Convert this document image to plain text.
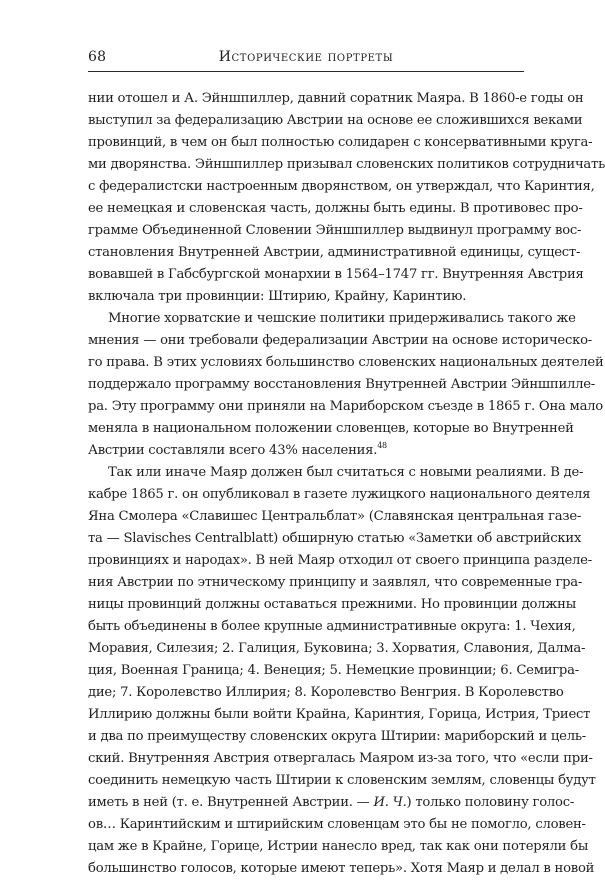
68	Исторические портреты
нии отошел и А. Эйншпиллер, давний соратник Маяра. В 1860-е годы он
выступил за федерализацию Австрии на основе ее сложившихся веками
провинций, в чем он был полностью солидарен с консервативными круга-
ми дворянства. Эйншпиллер призывал словенских политиков сотрудничать
с федералистски настроенным дворянством, он утверждал, что Каринтия,
ее немецкая и словенская часть, должны быть едины. В противовес про-
грамме Объединенной Словении Эйншпиллер выдвинул программу вос-
становления Внутренней Австрии, административной единицы, сущест-
вовавшей в Габсбургской монархии в 1564–1747 гг. Внутренняя Австрия
включала три провинции: Штирию, Крайну, Каринтию.
Многие хорватские и чешские политики придерживались такого же
мнения — они требовали федерализации Австрии на основе историческо-
го права. В этих условиях большинство словенских национальных деятелей
поддержало программу восстановления Внутренней Австрии Эйншпилле-
ра. Эту программу они приняли на Мариборском съезде в 1865 г. Она мало
меняла в национальном положении словенцев, которые во Внутренней
Австрии составляли всего 43% населения.$^{48}$
Так или иначе Маяр должен был считаться с новыми реалиями. В де-
кабре 1865 г. он опубликовал в газете лужицкого национального деятеля
Яна Смолера «Славишес Центральблат» (Славянская центральная газе-
та — Slavisches Centralblatt) обширную статью «Заметки об австрийских
провинциях и народах». В ней Маяр отходил от своего принципа разделе-
ния Австрии по этническому принципу и заявлял, что современные гра-
ницы провинций должны оставаться прежними. Но провинции должны
быть объединены в более крупные административные округа: 1. Чехия,
Моравия, Силезия; 2. Галиция, Буковина; 3. Хорватия, Славония, Далма-
ция, Военная Граница; 4. Венеция; 5. Немецкие провинции; 6. Семигра-
дие; 7. Королевство Иллирия; 8. Королевство Венгрия. В Королевство
Иллирию должны были войти Крайна, Каринтия, Горица, Истрия, Триест
и два по преимуществу словенских округа Штирии: мариборский и цель-
ский. Внутренняя Австрия отвергалась Маяром из-за того, что «если при-
соединить немецкую часть Штирии к словенским землям, словенцы будут
иметь в ней (т. е. Внутренней Австрии. — И. Ч.) только половину голос-
ов… Каринтийским и штирийским словенцам это бы не помогло, словен-
цам же в Крайне, Горице, Истрии нанесло вред, так как они потеряли бы
большинство голосов, которые имеют теперь». Хотя Маяр и делал в новой
